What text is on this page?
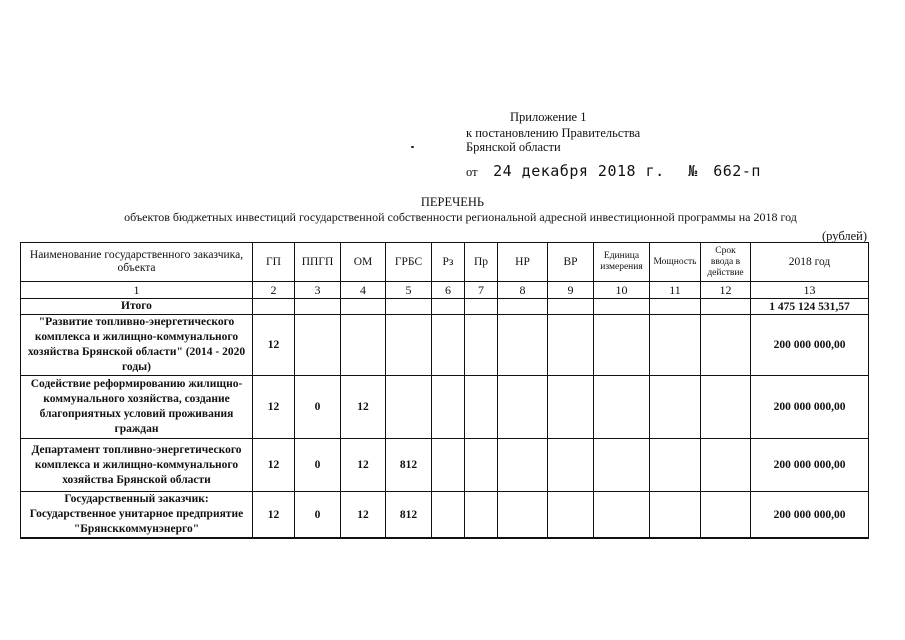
Приложение 1
к постановлению Правительства
Брянской области
от 24 декабря 2018 г. № 662-п
ПЕРЕЧЕНЬ
объектов бюджетных инвестиций государственной собственности региональной адресной инвестиционной программы на 2018 год
(рублей)
Наименование государственного заказчика, объекта	ГП	ППГП	ОМ	ГРБС	Рз	Пр	НР	ВР	Единица измерения	Мощность	Срок ввода в действие	2018 год
1	2	3	4	5	6	7	8	9	10	11	12	13
Итого												1 475 124 531,57
"Развитие топливно-энергетического комплекса и жилищно-коммунального хозяйства Брянской области" (2014 - 2020 годы)	12											200 000 000,00
Содействие реформированию жилищно-коммунального хозяйства, создание благоприятных условий проживания граждан	12	0	12									200 000 000,00
Департамент топливно-энергетического комплекса и жилищно-коммунального хозяйства Брянской области	12	0	12	812								200 000 000,00
Государственный заказчик: Государственное унитарное предприятие "Брянсккоммунэнерго"	12	0	12	812								200 000 000,00
